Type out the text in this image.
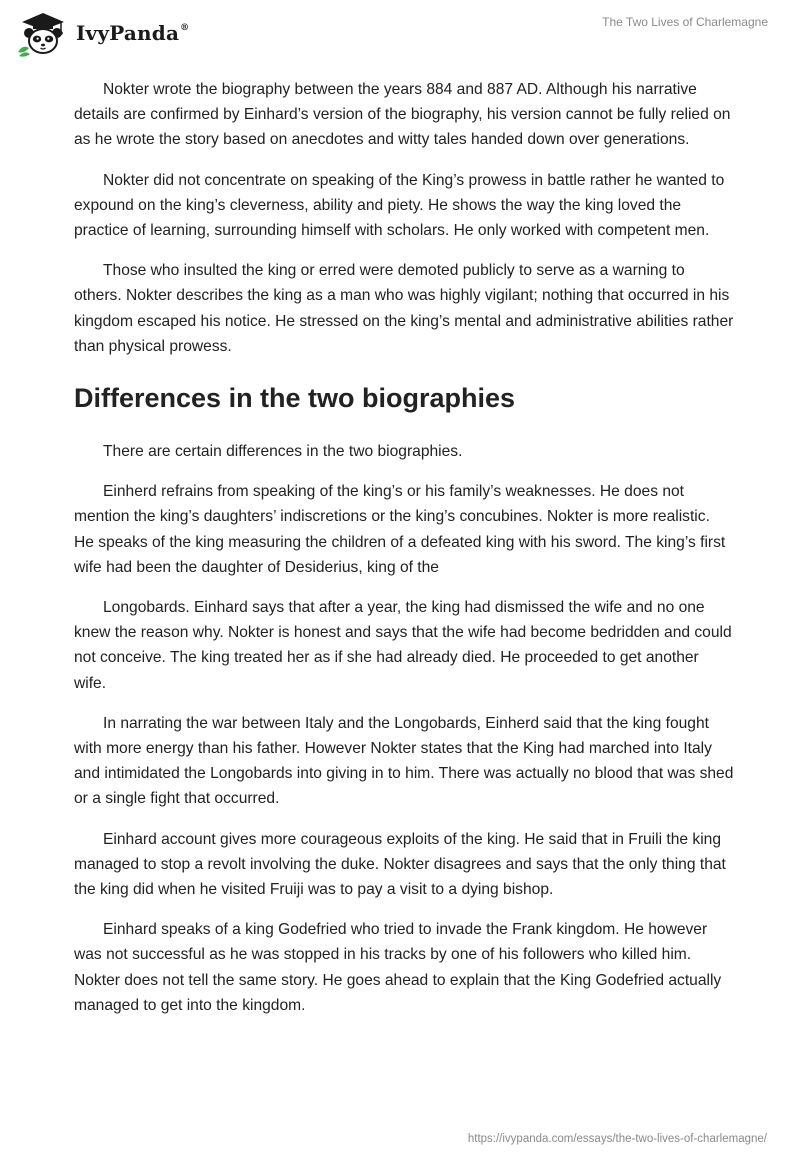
IvyPanda®	The Two Lives of Charlemagne

Nokter wrote the biography between the years 884 and 887 AD. Although his narrative details are confirmed by Einhard’s version of the biography, his version cannot be fully relied on as he wrote the story based on anecdotes and witty tales handed down over generations.

Nokter did not concentrate on speaking of the King’s prowess in battle rather he wanted to expound on the king’s cleverness, ability and piety. He shows the way the king loved the practice of learning, surrounding himself with scholars. He only worked with competent men.

Those who insulted the king or erred were demoted publicly to serve as a warning to others. Nokter describes the king as a man who was highly vigilant; nothing that occurred in his kingdom escaped his notice. He stressed on the king’s mental and administrative abilities rather than physical prowess.

Differences in the two biographies

There are certain differences in the two biographies.

Einherd refrains from speaking of the king’s or his family’s weaknesses. He does not mention the king’s daughters’ indiscretions or the king’s concubines. Nokter is more realistic. He speaks of the king measuring the children of a defeated king with his sword. The king’s first wife had been the daughter of Desiderius, king of the

Longobards. Einhard says that after a year, the king had dismissed the wife and no one knew the reason why. Nokter is honest and says that the wife had become bedridden and could not conceive. The king treated her as if she had already died. He proceeded to get another wife.

In narrating the war between Italy and the Longobards, Einherd said that the king fought with more energy than his father. However Nokter states that the King had marched into Italy and intimidated the Longobards into giving in to him. There was actually no blood that was shed or a single fight that occurred.

Einhard account gives more courageous exploits of the king. He said that in Fruili the king managed to stop a revolt involving the duke. Nokter disagrees and says that the only thing that the king did when he visited Fruiji was to pay a visit to a dying bishop.

Einhard speaks of a king Godefried who tried to invade the Frank kingdom. He however was not successful as he was stopped in his tracks by one of his followers who killed him. Nokter does not tell the same story. He goes ahead to explain that the King Godefried actually managed to get into the kingdom.

https://ivypanda.com/essays/the-two-lives-of-charlemagne/
